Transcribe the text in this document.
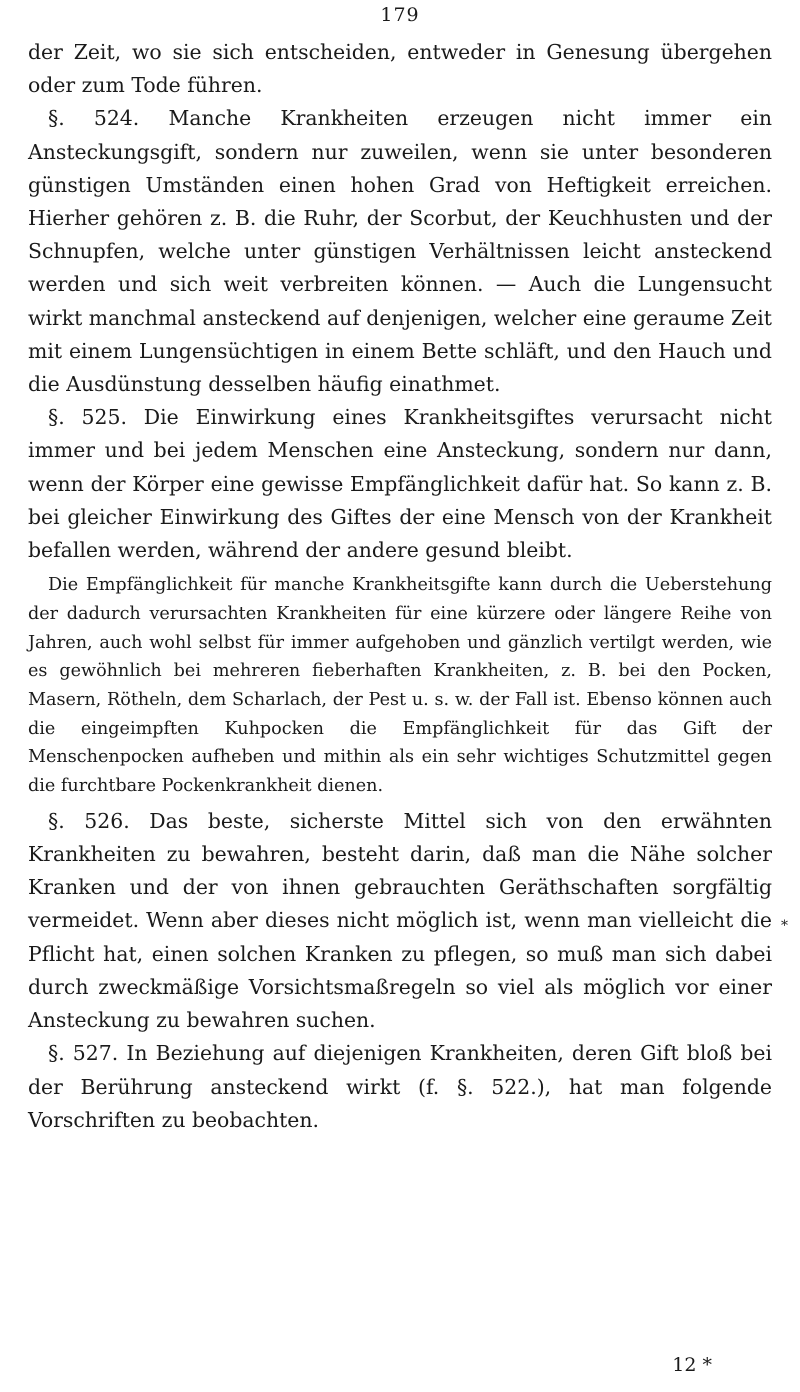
179

der Zeit, wo sie sich entscheiden, entweder in Genesung übergehen oder zum Tode führen.

§. 524. Manche Krankheiten erzeugen nicht immer ein Ansteckungsgift, sondern nur zuweilen, wenn sie unter besonderen günstigen Umständen einen hohen Grad von Heftigkeit erreichen. Hierher gehören z. B. die Ruhr, der Scorbut, der Keuchhusten und der Schnupfen, welche unter günstigen Verhältnissen leicht ansteckend werden und sich weit verbreiten können. — Auch die Lungensucht wirkt manchmal ansteckend auf denjenigen, welcher eine geraume Zeit mit einem Lungensüchtigen in einem Bette schläft, und den Hauch und die Ausdünstung desselben häufig einathmet.

§. 525. Die Einwirkung eines Krankheitsgiftes verursacht nicht immer und bei jedem Menschen eine Ansteckung, sondern nur dann, wenn der Körper eine gewisse Empfänglichkeit dafür hat. So kann z. B. bei gleicher Einwirkung des Giftes der eine Mensch von der Krankheit befallen werden, während der andere gesund bleibt.

Die Empfänglichkeit für manche Krankheitsgifte kann durch die Ueberstehung der dadurch verursachten Krankheiten für eine kürzere oder längere Reihe von Jahren, auch wohl selbst für immer aufgehoben und gänzlich vertilgt werden, wie es gewöhnlich bei mehreren fieberhaften Krankheiten, z. B. bei den Pocken, Masern, Rötheln, dem Scharlach, der Pest u. s. w. der Fall ist. Ebenso können auch die eingeimpften Kuhpocken die Empfänglichkeit für das Gift der Menschenpocken aufheben und mithin als ein sehr wichtiges Schutzmittel gegen die furchtbare Pockenkrankheit dienen.

§. 526. Das beste, sicherste Mittel sich von den erwähnten Krankheiten zu bewahren, besteht darin, daß man die Nähe solcher Kranken und der von ihnen gebrauchten Geräthschaften sorgfältig vermeidet. Wenn aber dieses nicht möglich ist, wenn man vielleicht die Pflicht hat, einen solchen Kranken zu pflegen, so muß man sich dabei durch zweckmäßige Vorsichtsmaßregeln so viel als möglich vor einer Ansteckung zu bewahren suchen.

§. 527. In Beziehung auf diejenigen Krankheiten, deren Gift bloß bei der Berührung ansteckend wirkt (f. §. 522.), hat man folgende Vorschriften zu beobachten.

*
12 *
